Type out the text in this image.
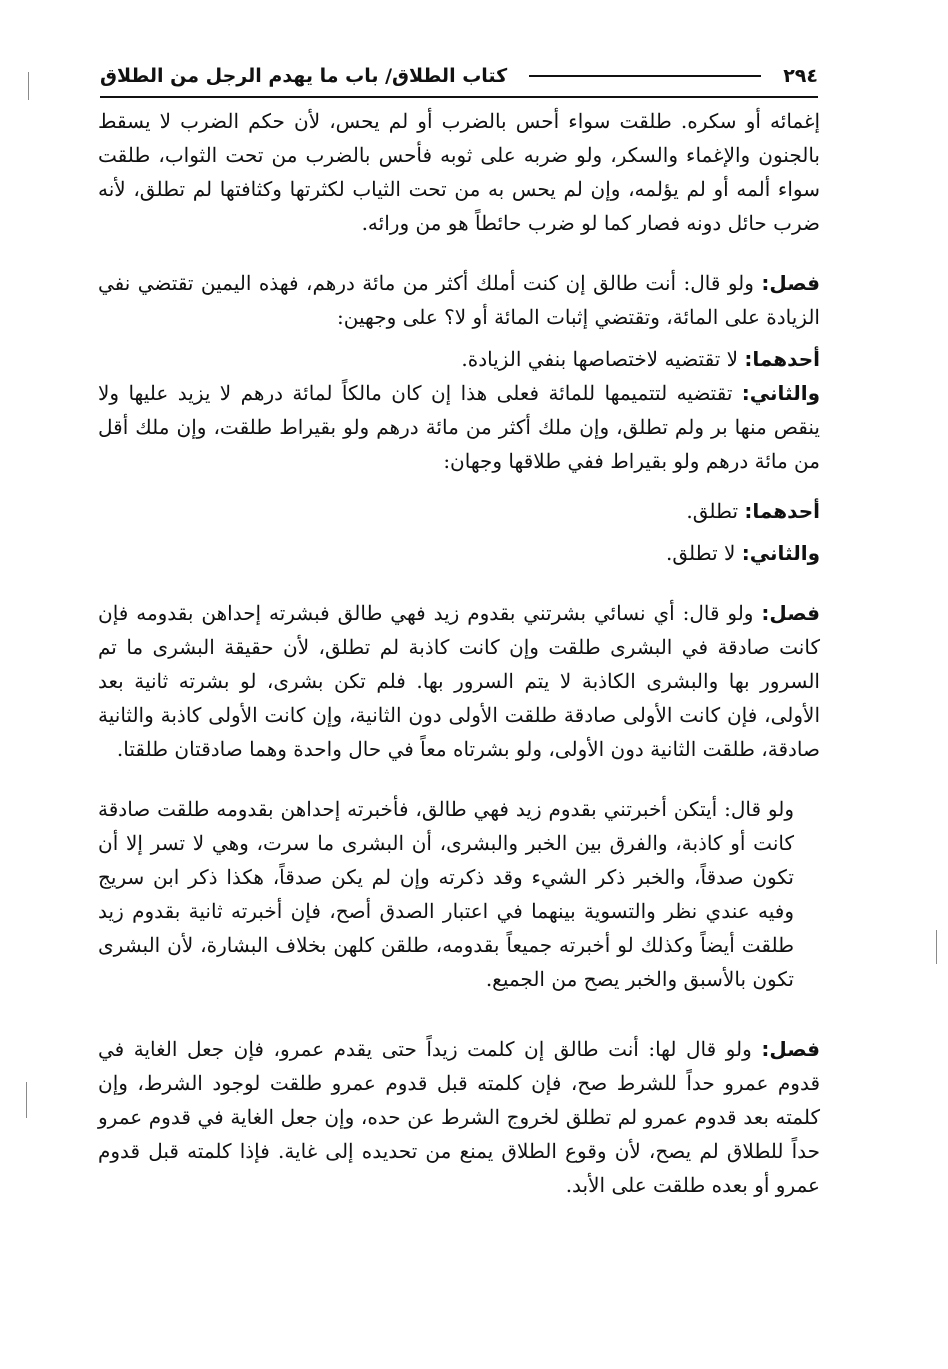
٢٩٤
كتاب الطلاق/ باب ما يهدم الرجل من الطلاق

إغمائه أو سكره. طلقت سواء أحس بالضرب أو لم يحس، لأن حكم الضرب لا يسقط بالجنون والإغماء والسكر، ولو ضربه على ثوبه فأحس بالضرب من تحت الثواب، طلقت سواء ألمه أو لم يؤلمه، وإن لم يحس به من تحت الثياب لكثرتها وكثافتها لم تطلق، لأنه ضرب حائل دونه فصار كما لو ضرب حائطاً هو من ورائه.

فصل: ولو قال: أنت طالق إن كنت أملك أكثر من مائة درهم، فهذه اليمين تقتضي نفي الزيادة على المائة، وتقتضي إثبات المائة أو لا؟ على وجهين:

أحدهما: لا تقتضيه لاختصاصها بنفي الزيادة.

والثاني: تقتضيه لتتميمها للمائة فعلى هذا إن كان مالكاً لمائة درهم لا يزيد عليها ولا ينقص منها بر ولم تطلق، وإن ملك أكثر من مائة درهم ولو بقيراط طلقت، وإن ملك أقل من مائة درهم ولو بقيراط ففي طلاقها وجهان:

أحدهما: تطلق.

والثاني: لا تطلق.

فصل: ولو قال: أي نسائي بشرتني بقدوم زيد فهي طالق فبشرته إحداهن بقدومه فإن كانت صادقة في البشرى طلقت وإن كانت كاذبة لم تطلق، لأن حقيقة البشرى ما تم السرور بها والبشرى الكاذبة لا يتم السرور بها. فلم تكن بشرى، لو بشرته ثانية بعد الأولى، فإن كانت الأولى صادقة طلقت الأولى دون الثانية، وإن كانت الأولى كاذبة والثانية صادقة، طلقت الثانية دون الأولى، ولو بشرتاه معاً في حال واحدة وهما صادقتان طلقتا.

ولو قال: أيتكن أخبرتني بقدوم زيد فهي طالق، فأخبرته إحداهن بقدومه طلقت صادقة كانت أو كاذبة، والفرق بين الخبر والبشرى، أن البشرى ما سرت، وهي لا تسر إلا أن تكون صدقاً، والخبر ذكر الشيء وقد ذكرته وإن لم يكن صدقاً، هكذا ذكر ابن سريج وفيه عندي نظر والتسوية بينهما في اعتبار الصدق أصح، فإن أخبرته ثانية بقدوم زيد طلقت أيضاً وكذلك لو أخبرته جميعاً بقدومه، طلقن كلهن بخلاف البشارة، لأن البشرى تكون بالأسبق والخبر يصح من الجميع.

فصل: ولو قال لها: أنت طالق إن كلمت زيداً حتى يقدم عمرو، فإن جعل الغاية في قدوم عمرو حداً للشرط صح، فإن كلمته قبل قدوم عمرو طلقت لوجود الشرط، وإن كلمته بعد قدوم عمرو لم تطلق لخروج الشرط عن حده، وإن جعل الغاية في قدوم عمرو حداً للطلاق لم يصح، لأن وقوع الطلاق يمنع من تحديده إلى غاية. فإذا كلمته قبل قدوم عمرو أو بعده طلقت على الأبد.
